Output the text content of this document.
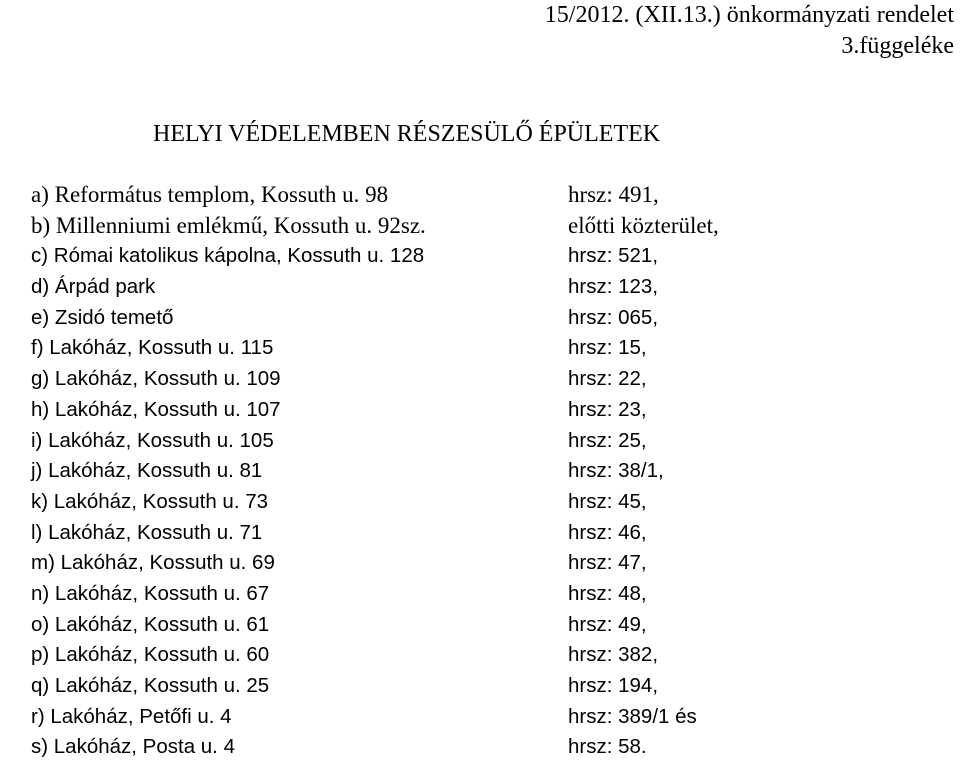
15/2012. (XII.13.) önkormányzati rendelet
3.függeléke
HELYI VÉDELEMBEN RÉSZESÜLŐ ÉPÜLETEK
a) Református templom, Kossuth u. 98	hrsz: 491,
b) Millenniumi emlékmű, Kossuth u. 92sz.	előtti közterület,
c) Római katolikus kápolna, Kossuth u. 128	hrsz: 521,
d) Árpád park	hrsz: 123,
e) Zsidó temető	hrsz: 065,
f) Lakóház, Kossuth u. 115	hrsz: 15,
g) Lakóház, Kossuth u. 109	hrsz: 22,
h) Lakóház, Kossuth u. 107	hrsz: 23,
i) Lakóház, Kossuth u. 105	hrsz: 25,
j) Lakóház, Kossuth u. 81	hrsz: 38/1,
k) Lakóház, Kossuth u. 73	hrsz: 45,
l) Lakóház, Kossuth u. 71	hrsz: 46,
m) Lakóház, Kossuth u. 69	hrsz: 47,
n) Lakóház, Kossuth u. 67	hrsz: 48,
o) Lakóház, Kossuth u. 61	hrsz: 49,
p) Lakóház, Kossuth u. 60	hrsz: 382,
q) Lakóház, Kossuth u. 25	hrsz: 194,
r) Lakóház, Petőfi u. 4	hrsz: 389/1 és
s) Lakóház, Posta u. 4	hrsz: 58.
